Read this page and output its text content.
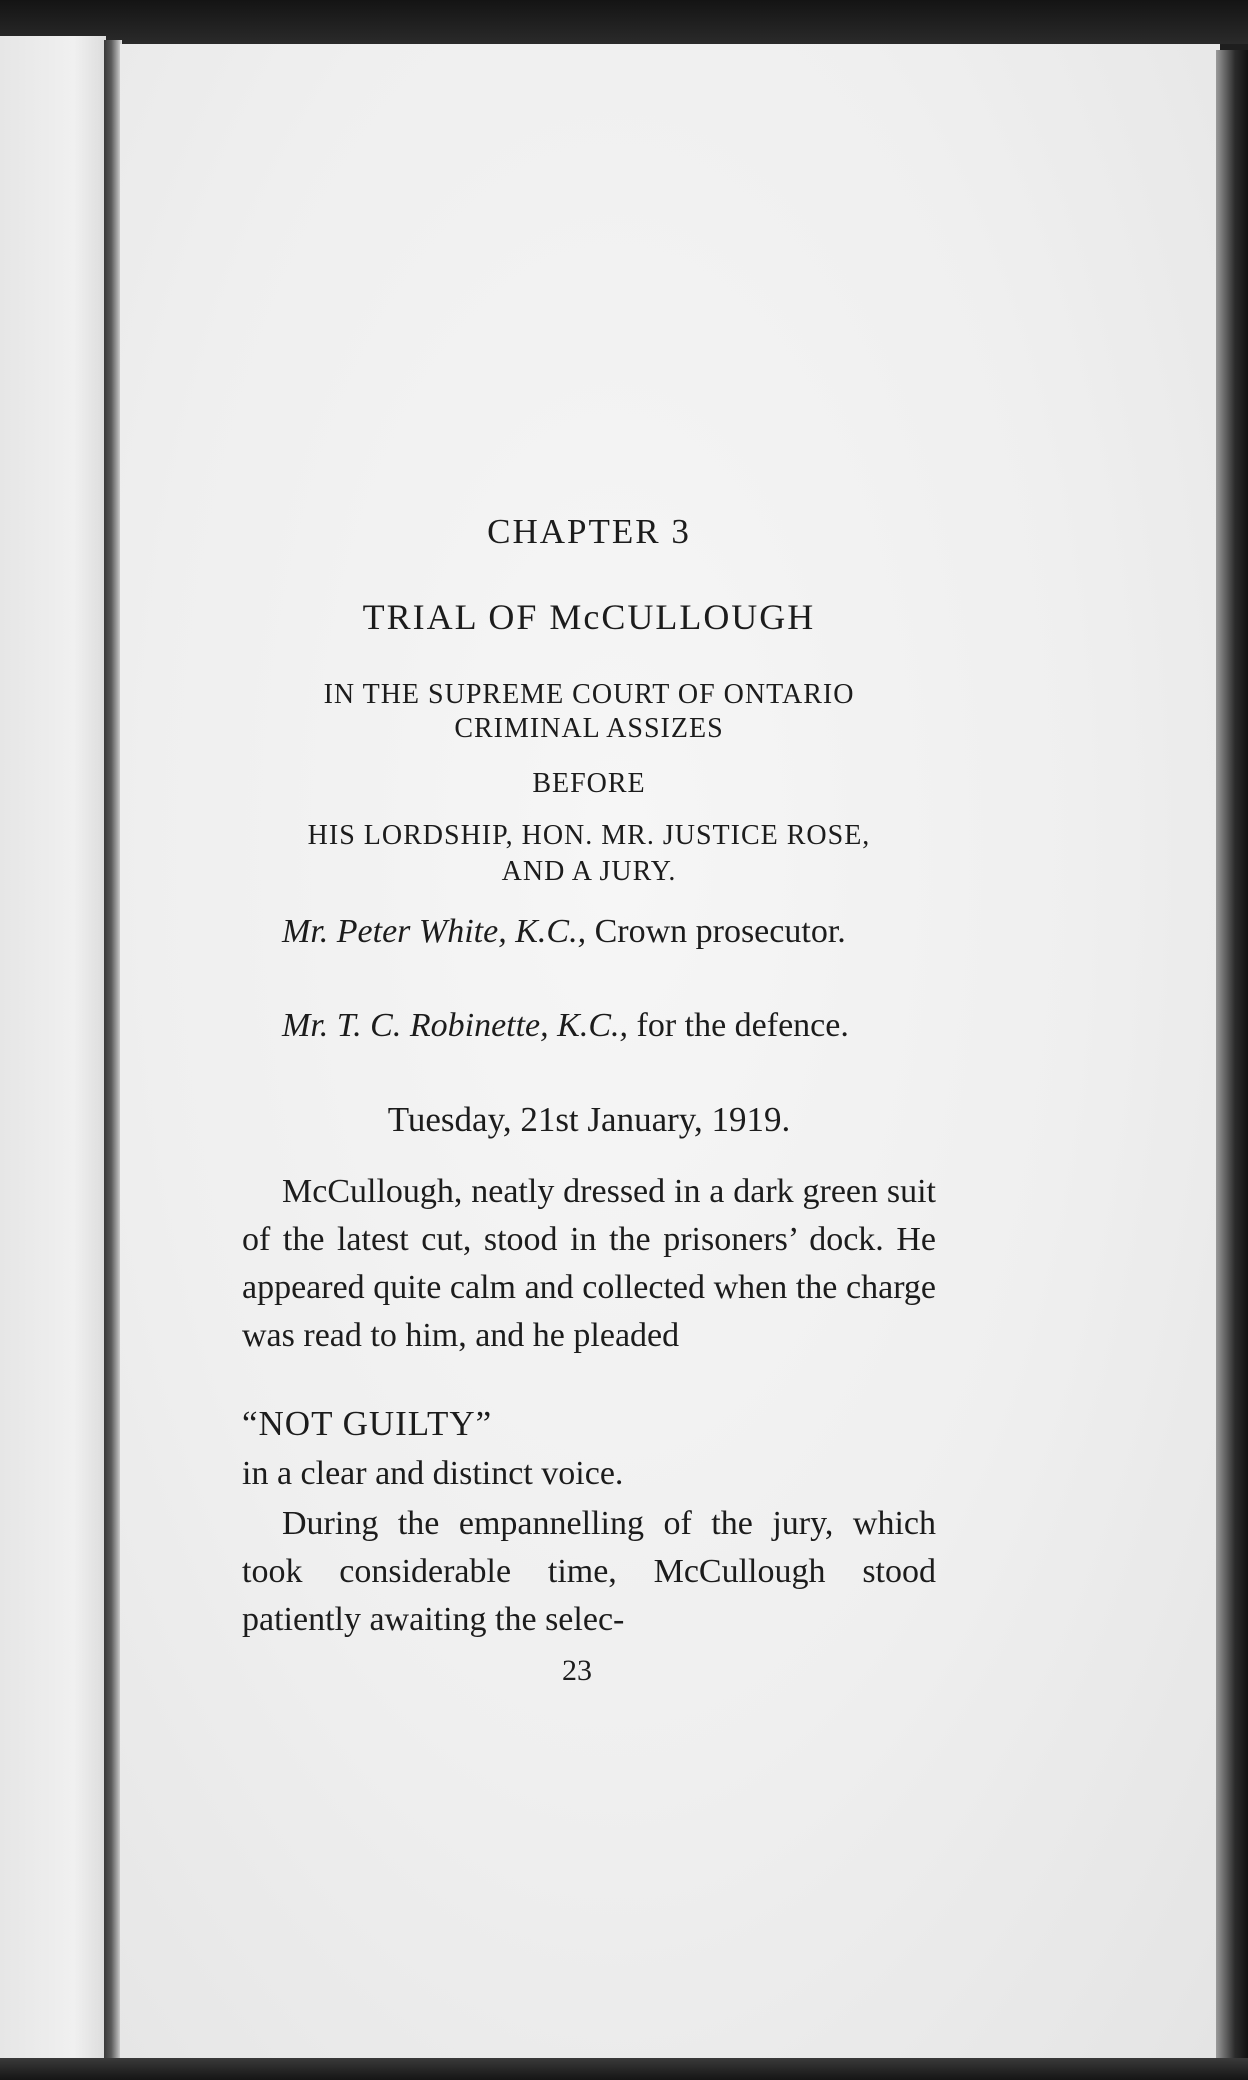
CHAPTER 3
TRIAL OF McCULLOUGH
IN THE SUPREME COURT OF ONTARIO
CRIMINAL ASSIZES
BEFORE
HIS LORDSHIP, HON. MR. JUSTICE ROSE,
AND A JURY.

Mr. Peter White, K.C., Crown prosecutor.

Mr. T. C. Robinette, K.C., for the defence.

Tuesday, 21st January, 1919.

McCullough, neatly dressed in a dark green suit of the latest cut, stood in the prisoners’ dock. He appeared quite calm and collected when the charge was read to him, and he pleaded

“NOT GUILTY”
in a clear and distinct voice.

During the empannelling of the jury, which took considerable time, McCullough stood patiently awaiting the selec-

23
